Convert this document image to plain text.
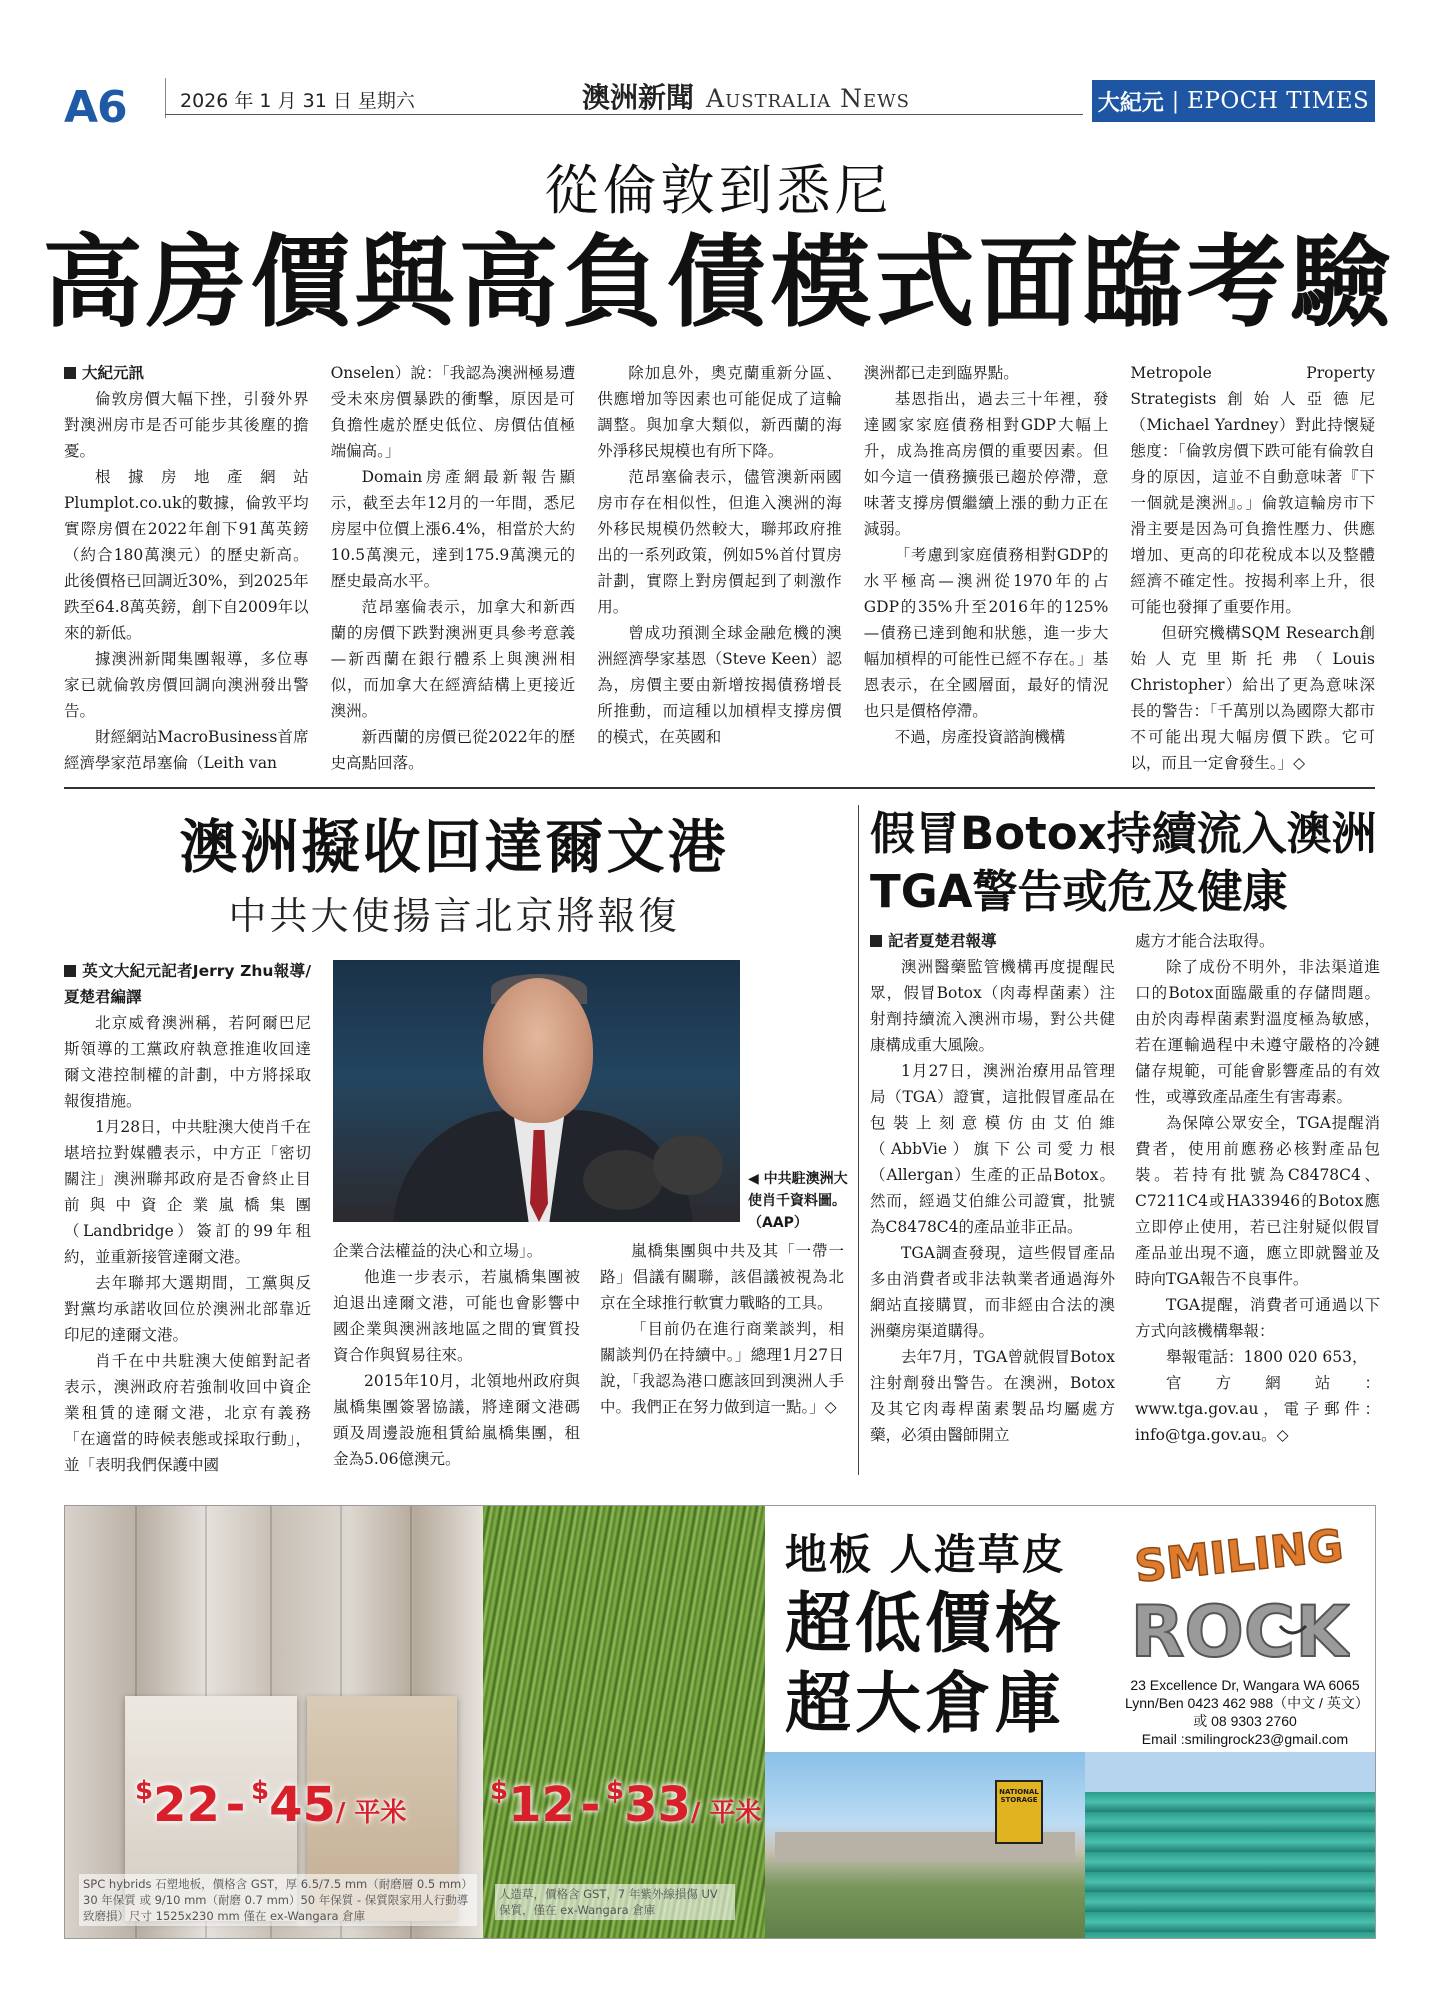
A6	2026 年 1 月 31 日 星期六	澳洲新聞 Australia News	大紀元 | EPOCH TIMES
從倫敦到悉尼
高房價與高負債模式面臨考驗
大紀元訊

倫敦房價大幅下挫，引發外界對澳洲房市是否可能步其後塵的擔憂。

根據房地產網站Plumplot.co.uk的數據，倫敦平均實際房價在2022年創下91萬英鎊（約合180萬澳元）的歷史新高。此後價格已回調近30%，到2025年跌至64.8萬英鎊，創下自2009年以來的新低。

據澳洲新聞集團報導，多位專家已就倫敦房價回調向澳洲發出警告。

財經網站MacroBusiness首席經濟學家范昂塞倫（Leith van

Onselen）說：「我認為澳洲極易遭受未來房價暴跌的衝擊，原因是可負擔性處於歷史低位、房價估值極端偏高。」

Domain房產網最新報告顯示，截至去年12月的一年間，悉尼房屋中位價上漲6.4%，相當於大約10.5萬澳元，達到175.9萬澳元的歷史最高水平。

范昂塞倫表示，加拿大和新西蘭的房價下跌對澳洲更具參考意義—新西蘭在銀行體系上與澳洲相似，而加拿大在經濟結構上更接近澳洲。

新西蘭的房價已從2022年的歷史高點回落。

除加息外，奧克蘭重新分區、供應增加等因素也可能促成了這輪調整。與加拿大類似，新西蘭的海外淨移民規模也有所下降。

范昂塞倫表示，儘管澳新兩國房市存在相似性，但進入澳洲的海外移民規模仍然較大，聯邦政府推出的一系列政策，例如5%首付買房計劃，實際上對房價起到了刺激作用。

曾成功預測全球金融危機的澳洲經濟學家基恩（Steve Keen）認為，房價主要由新增按揭債務增長所推動，而這種以加槓桿支撐房價的模式，在英國和

澳洲都已走到臨界點。

基恩指出，過去三十年裡，發達國家家庭債務相對GDP大幅上升，成為推高房價的重要因素。但如今這一債務擴張已趨於停滯，意味著支撐房價繼續上漲的動力正在減弱。

「考慮到家庭債務相對GDP的水平極高—澳洲從1970年的占GDP的35%升至2016年的125%—債務已達到飽和狀態，進一步大幅加槓桿的可能性已經不存在。」基恩表示，在全國層面，最好的情況也只是價格停滯。

不過，房產投資諮詢機構

Metropole Property Strategists創始人亞德尼（Michael Yardney）對此持懷疑態度：「倫敦房價下跌可能有倫敦自身的原因，這並不自動意味著『下一個就是澳洲』。」倫敦這輪房市下滑主要是因為可負擔性壓力、供應增加、更高的印花稅成本以及整體經濟不確定性。按揭利率上升，很可能也發揮了重要作用。

但研究機構SQM Research創始人克里斯托弗（Louis Christopher）給出了更為意味深長的警告：「千萬別以為國際大都市不可能出現大幅房價下跌。它可以，而且一定會發生。」◇

澳洲擬收回達爾文港
中共大使揚言北京將報復
英文大紀元記者Jerry Zhu報導/夏楚君編譯

北京威脅澳洲稱，若阿爾巴尼斯領導的工黨政府執意推進收回達爾文港控制權的計劃，中方將採取報復措施。

1月28日，中共駐澳大使肖千在堪培拉對媒體表示，中方正「密切關注」澳洲聯邦政府是否會終止目前與中資企業嵐橋集團（Landbridge）簽訂的99年租約，並重新接管達爾文港。

去年聯邦大選期間，工黨與反對黨均承諾收回位於澳洲北部靠近印尼的達爾文港。

肖千在中共駐澳大使館對記者表示，澳洲政府若強制收回中資企業租賃的達爾文港，北京有義務「在適當的時候表態或採取行動」，並「表明我們保護中國

◀ 中共駐澳洲大使肖千資料圖。（AAP）

企業合法權益的決心和立場」。

他進一步表示，若嵐橋集團被迫退出達爾文港，可能也會影響中國企業與澳洲該地區之間的實質投資合作與貿易往來。

2015年10月，北領地州政府與嵐橋集團簽署協議，將達爾文港碼頭及周邊設施租賃給嵐橋集團，租金為5.06億澳元。

嵐橋集團與中共及其「一帶一路」倡議有關聯，該倡議被視為北京在全球推行軟實力戰略的工具。

「目前仍在進行商業談判，相關談判仍在持續中。」總理1月27日說，「我認為港口應該回到澳洲人手中。我們正在努力做到這一點。」◇

假冒Botox持續流入澳洲
TGA警告或危及健康
記者夏楚君報導

澳洲醫藥監管機構再度提醒民眾，假冒Botox（肉毒桿菌素）注射劑持續流入澳洲市場，對公共健康構成重大風險。

1月27日，澳洲治療用品管理局（TGA）證實，這批假冒產品在包裝上刻意模仿由艾伯維（AbbVie）旗下公司愛力根（Allergan）生產的正品Botox。然而，經過艾伯維公司證實，批號為C8478C4的產品並非正品。

TGA調查發現，這些假冒產品多由消費者或非法執業者通過海外網站直接購買，而非經由合法的澳洲藥房渠道購得。

去年7月，TGA曾就假冒Botox注射劑發出警告。在澳洲，Botox及其它肉毒桿菌素製品均屬處方藥，必須由醫師開立

處方才能合法取得。

除了成份不明外，非法渠道進口的Botox面臨嚴重的存儲問題。由於肉毒桿菌素對溫度極為敏感，若在運輸過程中未遵守嚴格的冷鏈儲存規範，可能會影響產品的有效性，或導致產品產生有害毒素。

為保障公眾安全，TGA提醒消費者，使用前應務必核對產品包裝。若持有批號為C8478C4、C7211C4或HA33946的Botox應立即停止使用，若已注射疑似假冒產品並出現不適，應立即就醫並及時向TGA報告不良事件。

TGA提醒，消費者可通過以下方式向該機構舉報：

舉報電話：1800 020 653，

官方網站：www.tga.gov.au，電子郵件：info@tga.gov.au。◇

$22 - $45/ 平米
$12 - $33/ 平米
SPC hybrids 石塑地板，價格含 GST，厚 6.5/7.5 mm（耐磨層 0.5 mm）30 年保質 或 9/10 mm（耐磨 0.7 mm）50 年保質 - 保質限家用人行動導致磨損）尺寸 1525x230 mm 僅在 ex-Wangara 倉庫
人造草，價格含 GST，7 年紫外線損傷 UV 保質，僅在 ex-Wangara 倉庫
地板 人造草皮
超低價格
超大倉庫
SMILING
ROCK
23 Excellence Dr, Wangara WA 6065
Lynn/Ben 0423 462 988（中文 / 英文）
或 08 9303 2760
Email :smilingrock23@gmail.com
NATIONAL STORAGE
